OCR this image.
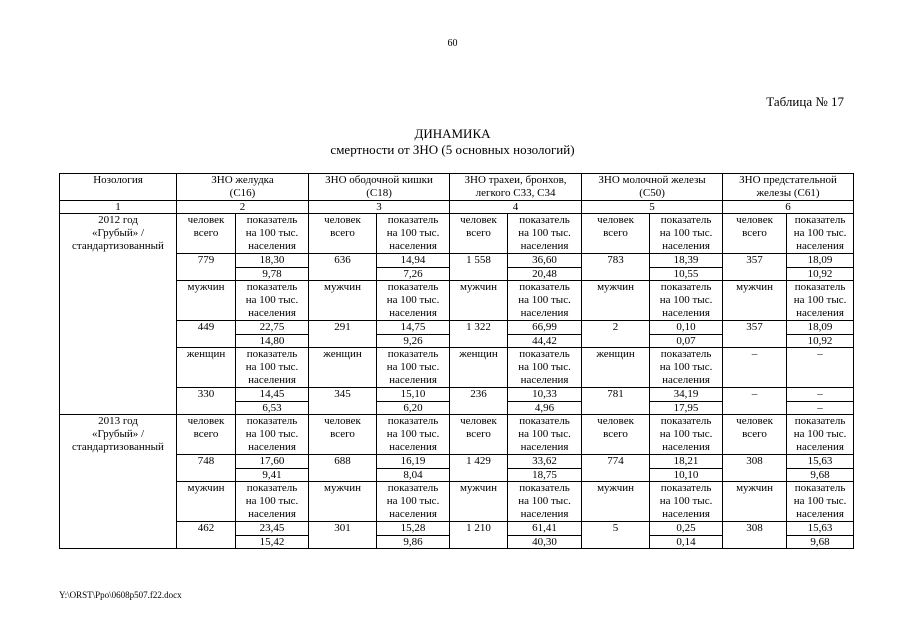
60
Таблица № 17
ДИНАМИКА
смертности от ЗНО (5 основных нозологий)
Нозология	ЗНО желудка
(С16)		ЗНО ободочной кишки
(С18)		ЗНО трахеи, бронхов,
легкого С33, С34		ЗНО молочной железы
(С50)		ЗНО предстательной
железы (С61)	
1	2		3		4		5		6	
2012 год
«Грубый» /
стандартизованный	человек
всего	показатель
на 100 тыс.
населения	человек
всего	показатель
на 100 тыс.
населения	человек
всего	показатель
на 100 тыс.
населения	человек
всего	показатель
на 100 тыс.
населения	человек
всего	показатель
на 100 тыс.
населения
	779	18,30	636	14,94	1 558	36,60	783	18,39	357	18,09
		9,78		7,26		20,48		10,55		10,92
	мужчин	показатель
на 100 тыс.
населения	мужчин	показатель
на 100 тыс.
населения	мужчин	показатель
на 100 тыс.
населения	мужчин	показатель
на 100 тыс.
населения	мужчин	показатель
на 100 тыс.
населения
	449	22,75	291	14,75	1 322	66,99	2	0,10	357	18,09
		14,80		9,26		44,42		0,07		10,92
	женщин	показатель
на 100 тыс.
населения	женщин	показатель
на 100 тыс.
населения	женщин	показатель
на 100 тыс.
населения	женщин	показатель
на 100 тыс.
населения	–	–
	330	14,45	345	15,10	236	10,33	781	34,19	–	–
		6,53		6,20		4,96		17,95		–
2013 год
«Грубый» /
стандартизованный	человек
всего	показатель
на 100 тыс.
населения	человек
всего	показатель
на 100 тыс.
населения	человек
всего	показатель
на 100 тыс.
населения	человек
всего	показатель
на 100 тыс.
населения	человек
всего	показатель
на 100 тыс.
населения
	748	17,60	688	16,19	1 429	33,62	774	18,21	308	15,63
		9,41		8,04		18,75		10,10		9,68
	мужчин	показатель
на 100 тыс.
населения	мужчин	показатель
на 100 тыс.
населения	мужчин	показатель
на 100 тыс.
населения	мужчин	показатель
на 100 тыс.
населения	мужчин	показатель
на 100 тыс.
населения
	462	23,45	301	15,28	1 210	61,41	5	0,25	308	15,63
		15,42		9,86		40,30		0,14		9,68
Y:\ORST\Ppo\0608p507.f22.docx
